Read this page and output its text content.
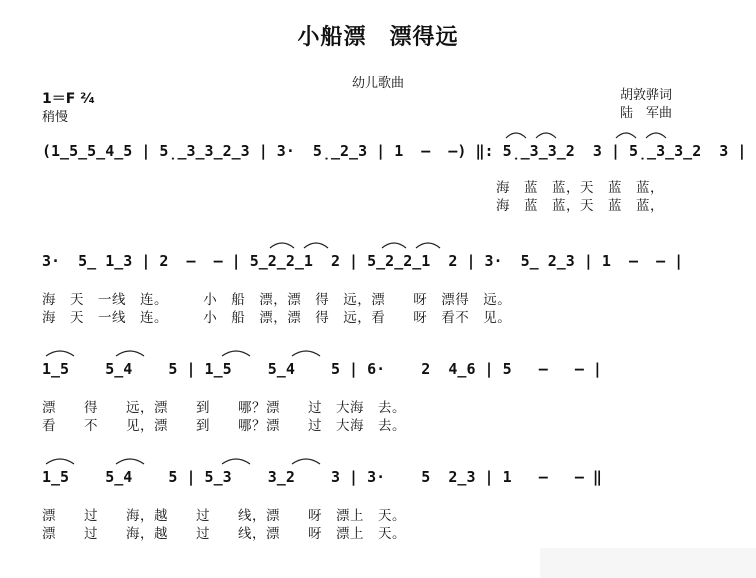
小船漂　漂得远
幼儿歌曲
胡敦骅词
陆　军曲
1＝F ²⁄₄
稍慢
(1̲5̲5̲4̲5 | 5̣̲3̲3̲2̲3 | 3·  5̣̲2̲3 | 1  –  –) ‖: 5̣̲3̲3̲2  3 | 5̣̲3̲3̲2  3 |
海　蓝　蓝，天　蓝　蓝，
海　蓝　蓝，天　蓝　蓝，
3·  5̲ 1̲3 | 2  –  – | 5̲2̲2̲1  2 | 5̲2̲2̲1  2 | 3·  5̲ 2̲3 | 1  –  – |
海　天　一线　连。　　　小　船　漂，漂　得　远，漂　　呀　漂得　远。
海　天　一线　连。　　　小　船　漂，漂　得　远，看　　呀　看不　见。
1̲5    5̲4    5 | 1̲5    5̲4    5 | 6·    2  4̲6 | 5   –   – |
漂　　得　　远，漂　　到　　哪？漂　　过　大海　去。
看　　不　　见，漂　　到　　哪？漂　　过　大海　去。
1̲5    5̲4    5 | 5̲3    3̲2    3 | 3·    5  2̲3 | 1   –   – ‖
漂　　过　　海，越　　过　　线，漂　　呀　漂上　天。
漂　　过　　海，越　　过　　线，漂　　呀　漂上　天。
